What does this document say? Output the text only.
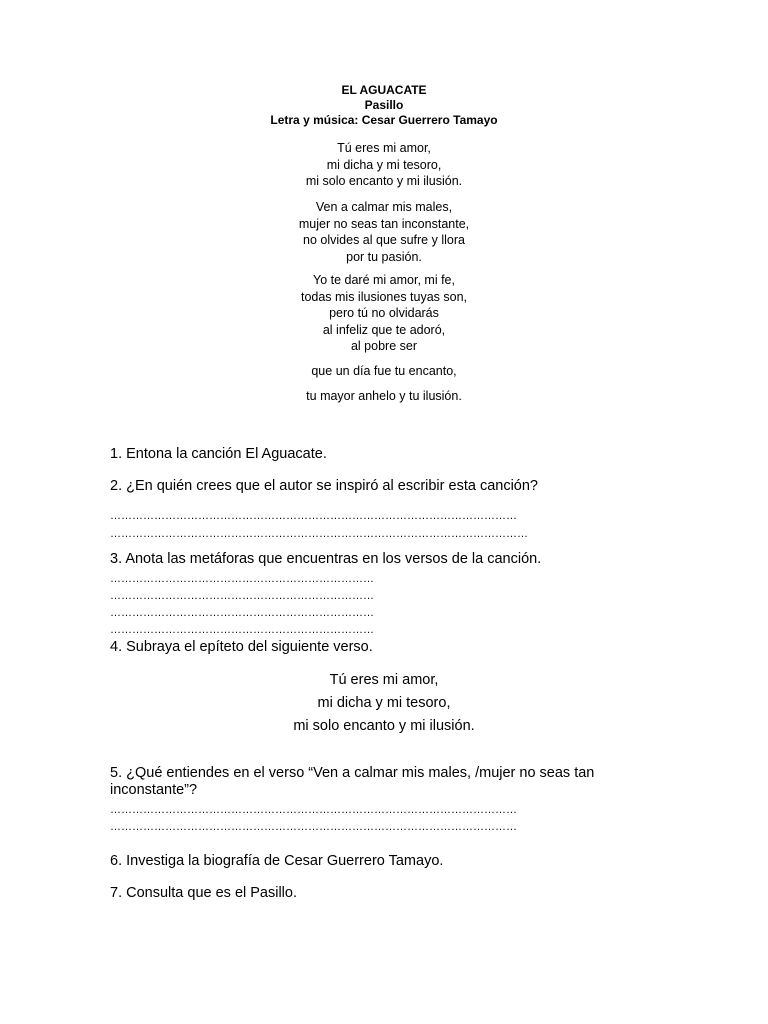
EL AGUACATE
Pasillo
Letra y música: Cesar Guerrero Tamayo
Tú eres mi amor,
mi dicha y mi tesoro,
mi solo encanto y mi ilusión.
Ven a calmar mis males,
mujer no seas tan inconstante,
no olvides al que sufre y llora
por tu pasión.
Yo te daré mi amor, mi fe,
todas mis ilusiones tuyas son,
pero tú no olvidarás
al infeliz que te adoró,
al pobre ser
que un día fue tu encanto,
tu mayor anhelo y tu ilusión.
1. Entona la canción El Aguacate.
2. ¿En quién crees que el autor se inspiró al escribir esta canción?
…………………………………………………………………………………………………
……………………………………………………………………………………………………
3. Anota las metáforas que encuentras en los versos de la canción.
………………………………………………………………
………………………………………………………………
………………………………………………………………
………………………………………………………………
4. Subraya el epíteto del siguiente verso.
Tú eres mi amor,
mi dicha y mi tesoro,
mi solo encanto y mi ilusión.
5. ¿Qué entiendes en el verso “Ven a calmar mis males, /mujer no seas tan
inconstante”?
…………………………………………………………………………………………………
…………………………………………………………………………………………………
6. Investiga la biografía de Cesar Guerrero Tamayo.
7. Consulta que es el Pasillo.
